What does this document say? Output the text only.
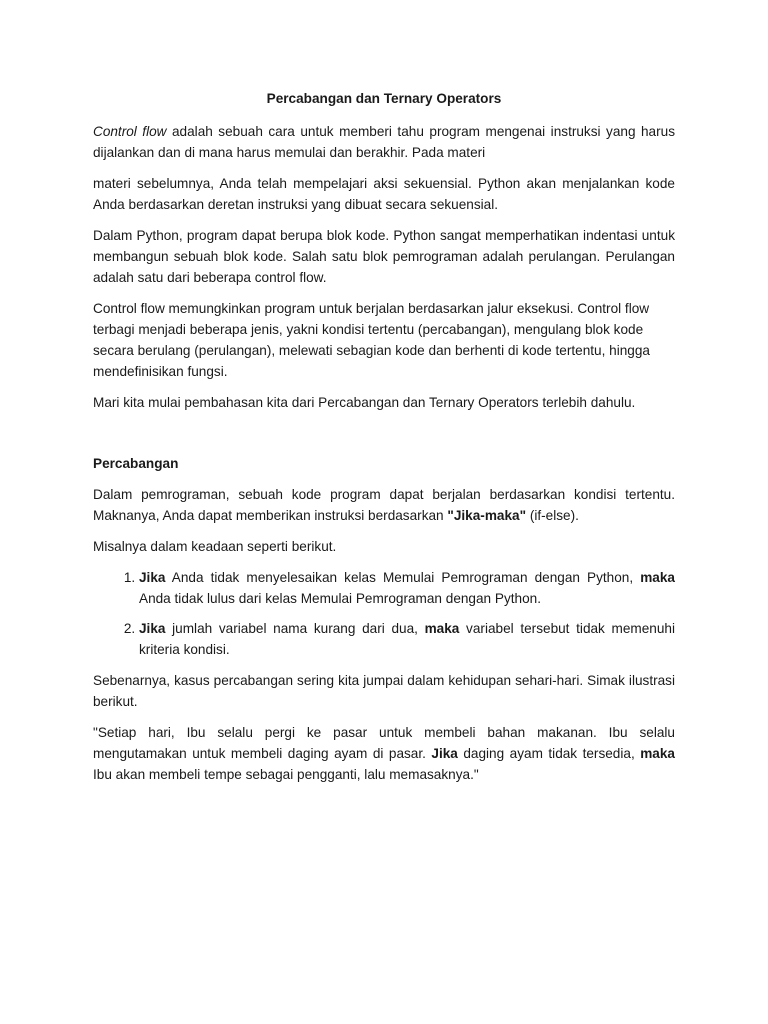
Percabangan dan Ternary Operators

Control flow adalah sebuah cara untuk memberi tahu program mengenai instruksi yang harus dijalankan dan di mana harus memulai dan berakhir. Pada materi

materi sebelumnya, Anda telah mempelajari aksi sekuensial. Python akan menjalankan kode Anda berdasarkan deretan instruksi yang dibuat secara sekuensial.

Dalam Python, program dapat berupa blok kode. Python sangat memperhatikan indentasi untuk membangun sebuah blok kode. Salah satu blok pemrograman adalah perulangan. Perulangan adalah satu dari beberapa control flow.

Control flow memungkinkan program untuk berjalan berdasarkan jalur eksekusi. Control flow terbagi menjadi beberapa jenis, yakni kondisi tertentu (percabangan), mengulang blok kode secara berulang (perulangan), melewati sebagian kode dan berhenti di kode tertentu, hingga mendefinisikan fungsi.

Mari kita mulai pembahasan kita dari Percabangan dan Ternary Operators terlebih dahulu.

Percabangan

Dalam pemrograman, sebuah kode program dapat berjalan berdasarkan kondisi tertentu. Maknanya, Anda dapat memberikan instruksi berdasarkan "Jika-maka" (if-else).

Misalnya dalam keadaan seperti berikut.

1. Jika Anda tidak menyelesaikan kelas Memulai Pemrograman dengan Python, maka Anda tidak lulus dari kelas Memulai Pemrograman dengan Python.
2. Jika jumlah variabel nama kurang dari dua, maka variabel tersebut tidak memenuhi kriteria kondisi.

Sebenarnya, kasus percabangan sering kita jumpai dalam kehidupan sehari-hari. Simak ilustrasi berikut.

"Setiap hari, Ibu selalu pergi ke pasar untuk membeli bahan makanan. Ibu selalu mengutamakan untuk membeli daging ayam di pasar. Jika daging ayam tidak tersedia, maka Ibu akan membeli tempe sebagai pengganti, lalu memasaknya."
